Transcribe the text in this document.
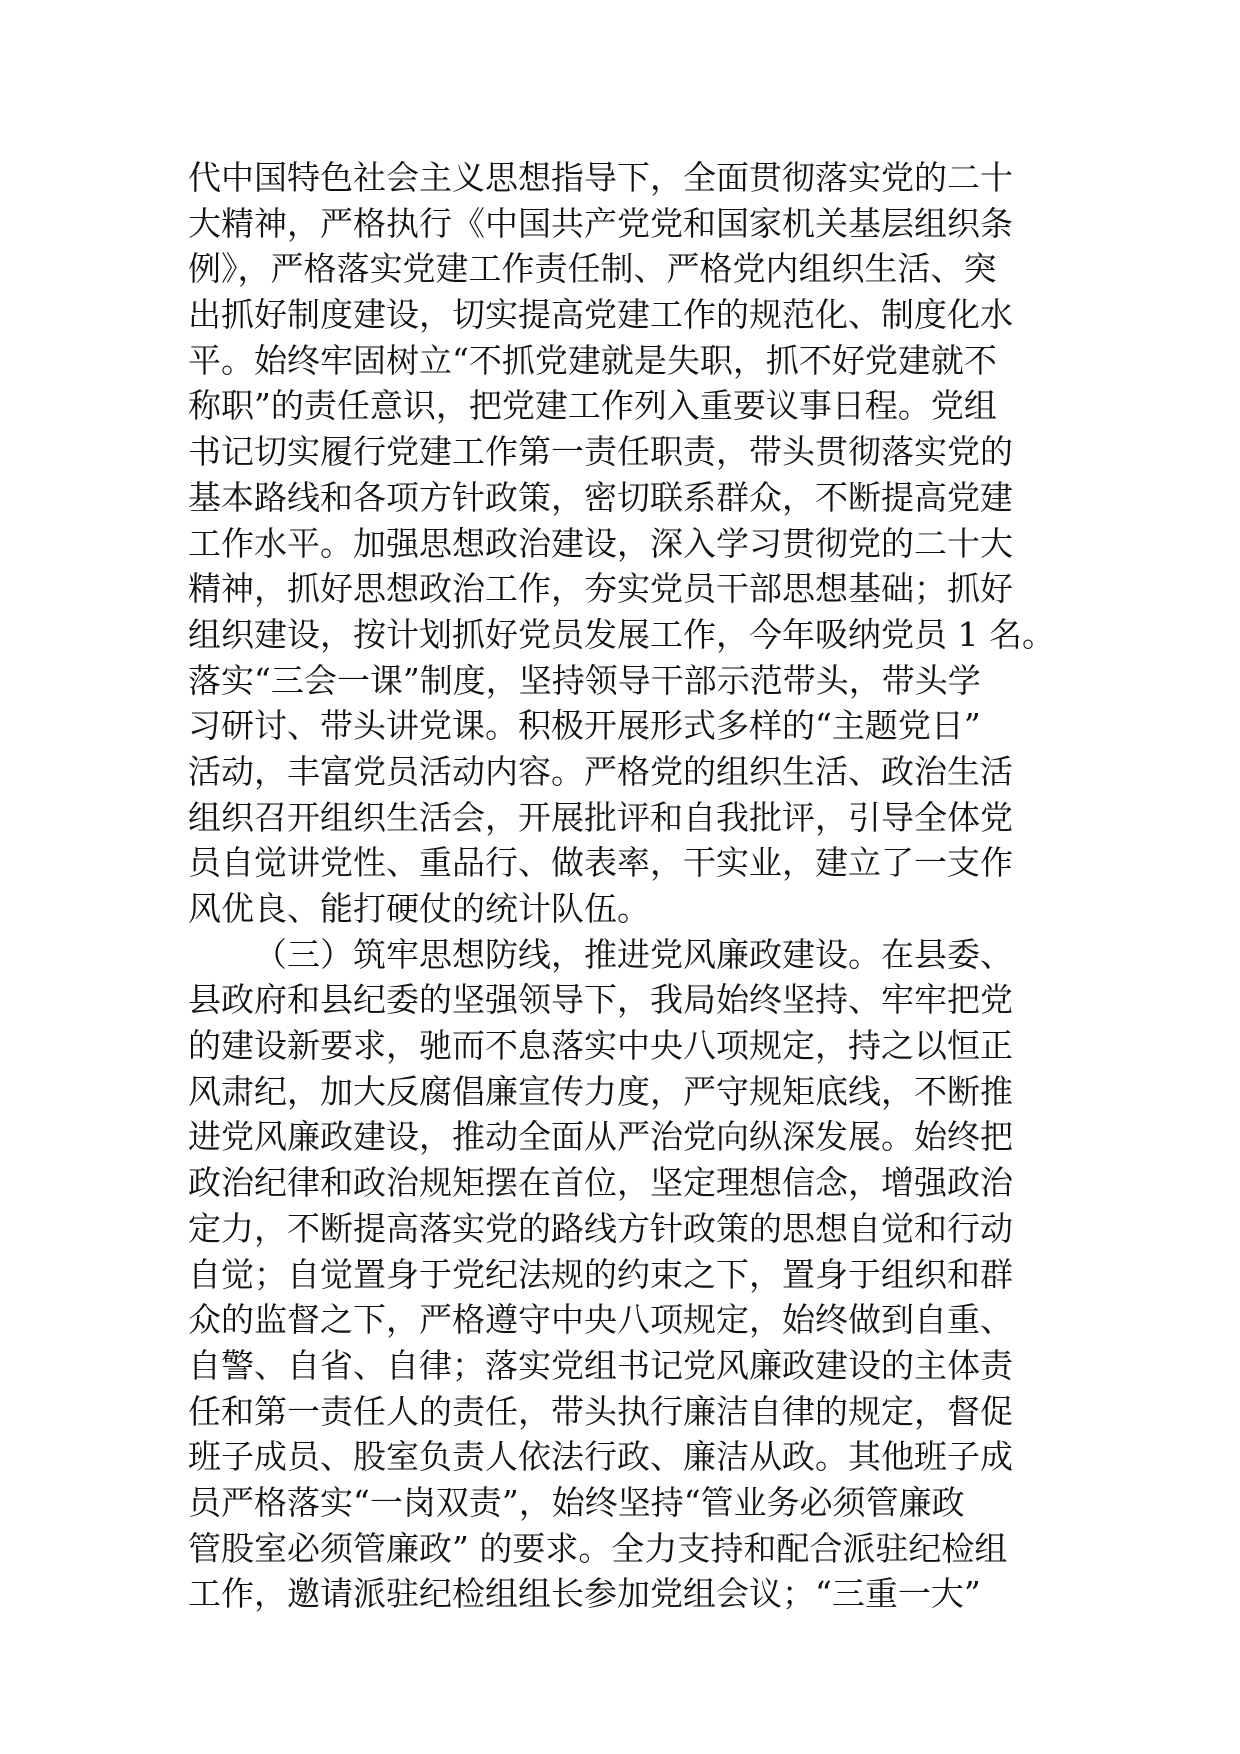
代中国特色社会主义思想指导下，全面贯彻落实党的二十
大精神，严格执行《中国共产党党和国家机关基层组织条
例》，严格落实党建工作责任制、严格党内组织生活、突
出抓好制度建设，切实提高党建工作的规范化、制度化水
平。始终牢固树立“不抓党建就是失职，抓不好党建就不
称职”的责任意识，把党建工作列入重要议事日程。党组
书记切实履行党建工作第一责任职责，带头贯彻落实党的
基本路线和各项方针政策，密切联系群众，不断提高党建
工作水平。加强思想政治建设，深入学习贯彻党的二十大
精神，抓好思想政治工作，夯实党员干部思想基础；抓好
组织建设，按计划抓好党员发展工作，今年吸纳党员 1 名。
落实“三会一课”制度，坚持领导干部示范带头，带头学
习研讨、带头讲党课。积极开展形式多样的“主题党日”
活动，丰富党员活动内容。严格党的组织生活、政治生活
组织召开组织生活会，开展批评和自我批评，引导全体党
员自觉讲党性、重品行、做表率，干实业，建立了一支作
风优良、能打硬仗的统计队伍。
（三）筑牢思想防线，推进党风廉政建设。在县委、
县政府和县纪委的坚强领导下，我局始终坚持、牢牢把党
的建设新要求，驰而不息落实中央八项规定，持之以恒正
风肃纪，加大反腐倡廉宣传力度，严守规矩底线，不断推
进党风廉政建设，推动全面从严治党向纵深发展。始终把
政治纪律和政治规矩摆在首位，坚定理想信念，增强政治
定力，不断提高落实党的路线方针政策的思想自觉和行动
自觉；自觉置身于党纪法规的约束之下，置身于组织和群
众的监督之下，严格遵守中央八项规定，始终做到自重、
自警、自省、自律；落实党组书记党风廉政建设的主体责
任和第一责任人的责任，带头执行廉洁自律的规定，督促
班子成员、股室负责人依法行政、廉洁从政。其他班子成
员严格落实“一岗双责”，始终坚持“管业务必须管廉政
管股室必须管廉政” 的要求。全力支持和配合派驻纪检组
工作，邀请派驻纪检组组长参加党组会议；“三重一大”
